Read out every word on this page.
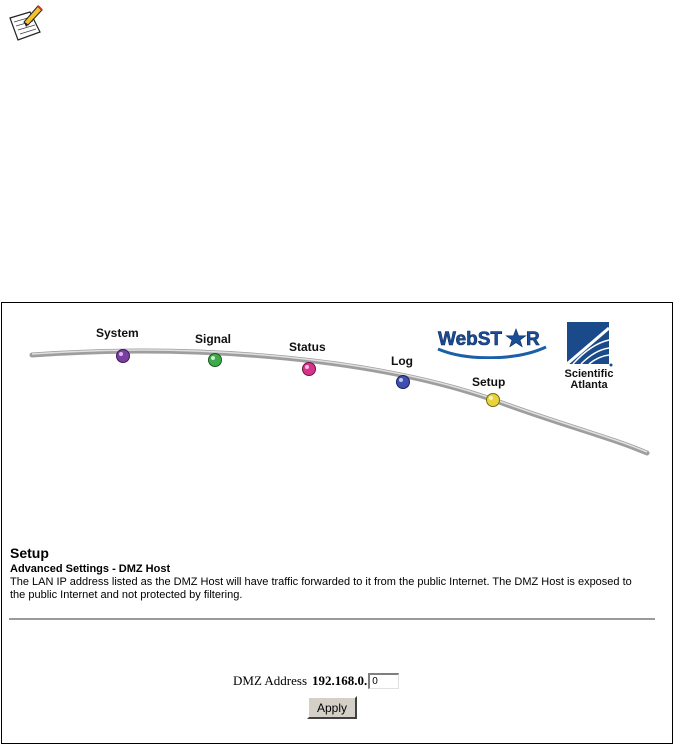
System	Signal
Status
Log
Setup
WebST R
Scientific
Atlanta
Setup
Advanced Settings - DMZ Host

The LAN IP address listed as the DMZ Host will have traffic forwarded to it from the public Internet. The DMZ Host is exposed to the public Internet and not protected by filtering.

DMZ Address 192.168.0.
0
Apply
